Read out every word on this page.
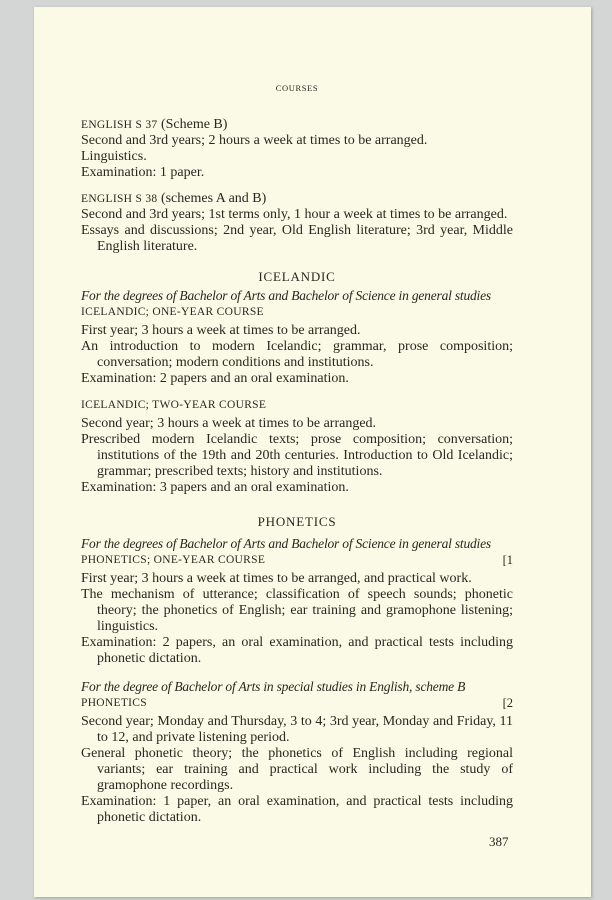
COURSES

ENGLISH S 37 (Scheme B)

Second and 3rd years; 2 hours a week at times to be arranged.

Linguistics.

Examination: 1 paper.

ENGLISH S 38 (schemes A and B)

Second and 3rd years; 1st terms only, 1 hour a week at times to be arranged.

Essays and discussions; 2nd year, Old English literature; 3rd year, Middle English literature.

ICELANDIC

For the degrees of Bachelor of Arts and Bachelor of Science in general studies

ICELANDIC; ONE-YEAR COURSE

First year; 3 hours a week at times to be arranged.

An introduction to modern Icelandic; grammar, prose composition; conversation; modern conditions and institutions.

Examination: 2 papers and an oral examination.

ICELANDIC; TWO-YEAR COURSE

Second year; 3 hours a week at times to be arranged.

Prescribed modern Icelandic texts; prose composition; conversation; institutions of the 19th and 20th centuries. Introduction to Old Icelandic; grammar; prescribed texts; history and institutions.

Examination: 3 papers and an oral examination.

PHONETICS

For the degrees of Bachelor of Arts and Bachelor of Science in general studies

PHONETICS; ONE-YEAR COURSE	[1

First year; 3 hours a week at times to be arranged, and practical work.

The mechanism of utterance; classification of speech sounds; phonetic theory; the phonetics of English; ear training and gramophone listening; linguistics.

Examination: 2 papers, an oral examination, and practical tests including phonetic dictation.

For the degree of Bachelor of Arts in special studies in English, scheme B

PHONETICS	[2

Second year; Monday and Thursday, 3 to 4; 3rd year, Monday and Friday, 11 to 12, and private listening period.

General phonetic theory; the phonetics of English including regional variants; ear training and practical work including the study of gramophone recordings.

Examination: 1 paper, an oral examination, and practical tests including phonetic dictation.

387
